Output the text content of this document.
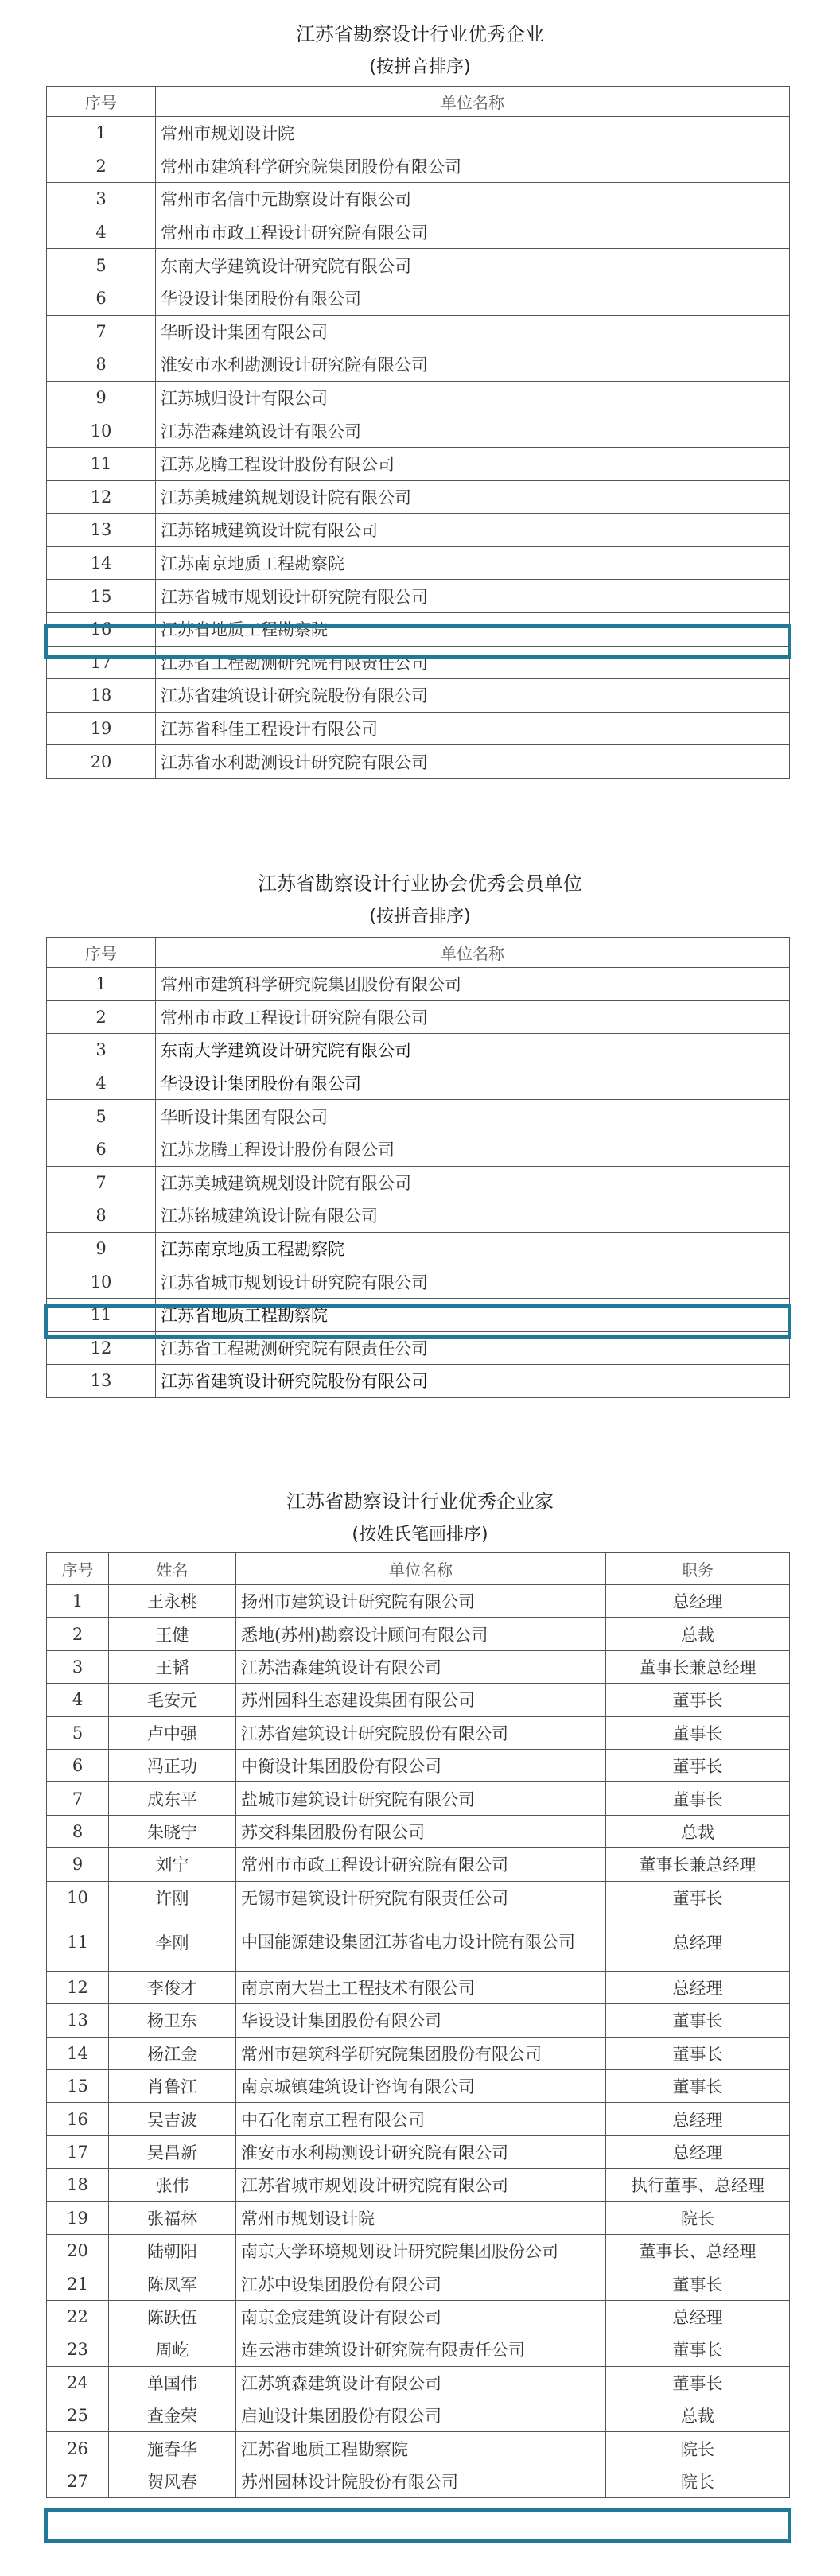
江苏省勘察设计行业优秀企业
(按拼音排序)
序号	单位名称
1	常州市规划设计院
2	常州市建筑科学研究院集团股份有限公司
3	常州市名信中元勘察设计有限公司
4	常州市市政工程设计研究院有限公司
5	东南大学建筑设计研究院有限公司
6	华设设计集团股份有限公司
7	华昕设计集团有限公司
8	淮安市水利勘测设计研究院有限公司
9	江苏城归设计有限公司
10	江苏浩森建筑设计有限公司
11	江苏龙腾工程设计股份有限公司
12	江苏美城建筑规划设计院有限公司
13	江苏铭城建筑设计院有限公司
14	江苏南京地质工程勘察院
15	江苏省城市规划设计研究院有限公司
16	江苏省地质工程勘察院
17	江苏省工程勘测研究院有限责任公司
18	江苏省建筑设计研究院股份有限公司
19	江苏省科佳工程设计有限公司
20	江苏省水利勘测设计研究院有限公司
江苏省勘察设计行业协会优秀会员单位
(按拼音排序)
序号	单位名称
1	常州市建筑科学研究院集团股份有限公司
2	常州市市政工程设计研究院有限公司
3	东南大学建筑设计研究院有限公司
4	华设设计集团股份有限公司
5	华昕设计集团有限公司
6	江苏龙腾工程设计股份有限公司
7	江苏美城建筑规划设计院有限公司
8	江苏铭城建筑设计院有限公司
9	江苏南京地质工程勘察院
10	江苏省城市规划设计研究院有限公司
11	江苏省地质工程勘察院
12	江苏省工程勘测研究院有限责任公司
13	江苏省建筑设计研究院股份有限公司
江苏省勘察设计行业优秀企业家
(按姓氏笔画排序)
序号	姓名	单位名称	职务
1	王永桃	扬州市建筑设计研究院有限公司	总经理
2	王健	悉地(苏州)勘察设计顾问有限公司	总裁
3	王韬	江苏浩森建筑设计有限公司	董事长兼总经理
4	毛安元	苏州园科生态建设集团有限公司	董事长
5	卢中强	江苏省建筑设计研究院股份有限公司	董事长
6	冯正功	中衡设计集团股份有限公司	董事长
7	成东平	盐城市建筑设计研究院有限公司	董事长
8	朱晓宁	苏交科集团股份有限公司	总裁
9	刘宁	常州市市政工程设计研究院有限公司	董事长兼总经理
10	许刚	无锡市建筑设计研究院有限责任公司	董事长
11	李刚	中国能源建设集团江苏省电力设计院有限公司	总经理
12	李俊才	南京南大岩土工程技术有限公司	总经理
13	杨卫东	华设设计集团股份有限公司	董事长
14	杨江金	常州市建筑科学研究院集团股份有限公司	董事长
15	肖鲁江	南京城镇建筑设计咨询有限公司	董事长
16	吴吉波	中石化南京工程有限公司	总经理
17	吴昌新	淮安市水利勘测设计研究院有限公司	总经理
18	张伟	江苏省城市规划设计研究院有限公司	执行董事、总经理
19	张福林	常州市规划设计院	院长
20	陆朝阳	南京大学环境规划设计研究院集团股份公司	董事长、总经理
21	陈凤军	江苏中设集团股份有限公司	董事长
22	陈跃伍	南京金宸建筑设计有限公司	总经理
23	周屹	连云港市建筑设计研究院有限责任公司	董事长
24	单国伟	江苏筑森建筑设计有限公司	董事长
25	查金荣	启迪设计集团股份有限公司	总裁
26	施春华	江苏省地质工程勘察院	院长
27	贺风春	苏州园林设计院股份有限公司	院长
